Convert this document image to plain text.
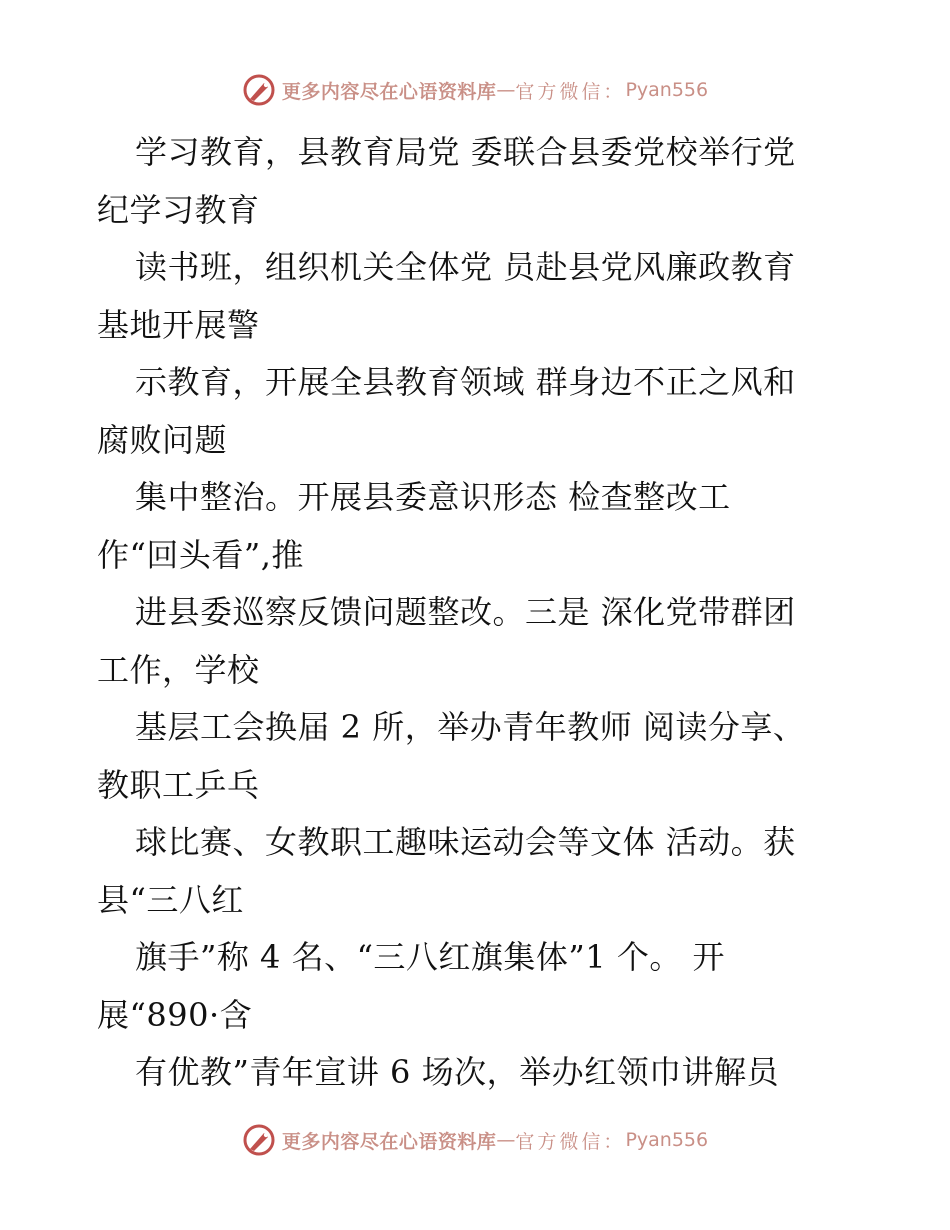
更多内容尽在心语资料库 — 官方微信： Pyan556
学习教育，县教育局党 委联合县委党校举行党
纪学习教育
读书班，组织机关全体党 员赴县党风廉政教育
基地开展警
示教育，开展全县教育领域 群身边不正之风和
腐败问题
集中整治。开展县委意识形态 检查整改工
作“回头看”,推
进县委巡察反馈问题整改。三是 深化党带群团
工作，学校
基层工会换届 2 所，举办青年教师 阅读分享、
教职工乒乓
球比赛、女教职工趣味运动会等文体 活动。获
县“三八红
旗手”称 4 名、“三八红旗集体”1 个。 开
展“890·含
有优教”青年宣讲 6 场次，举办红领巾讲解员
更多内容尽在心语资料库 — 官方微信： Pyan556
